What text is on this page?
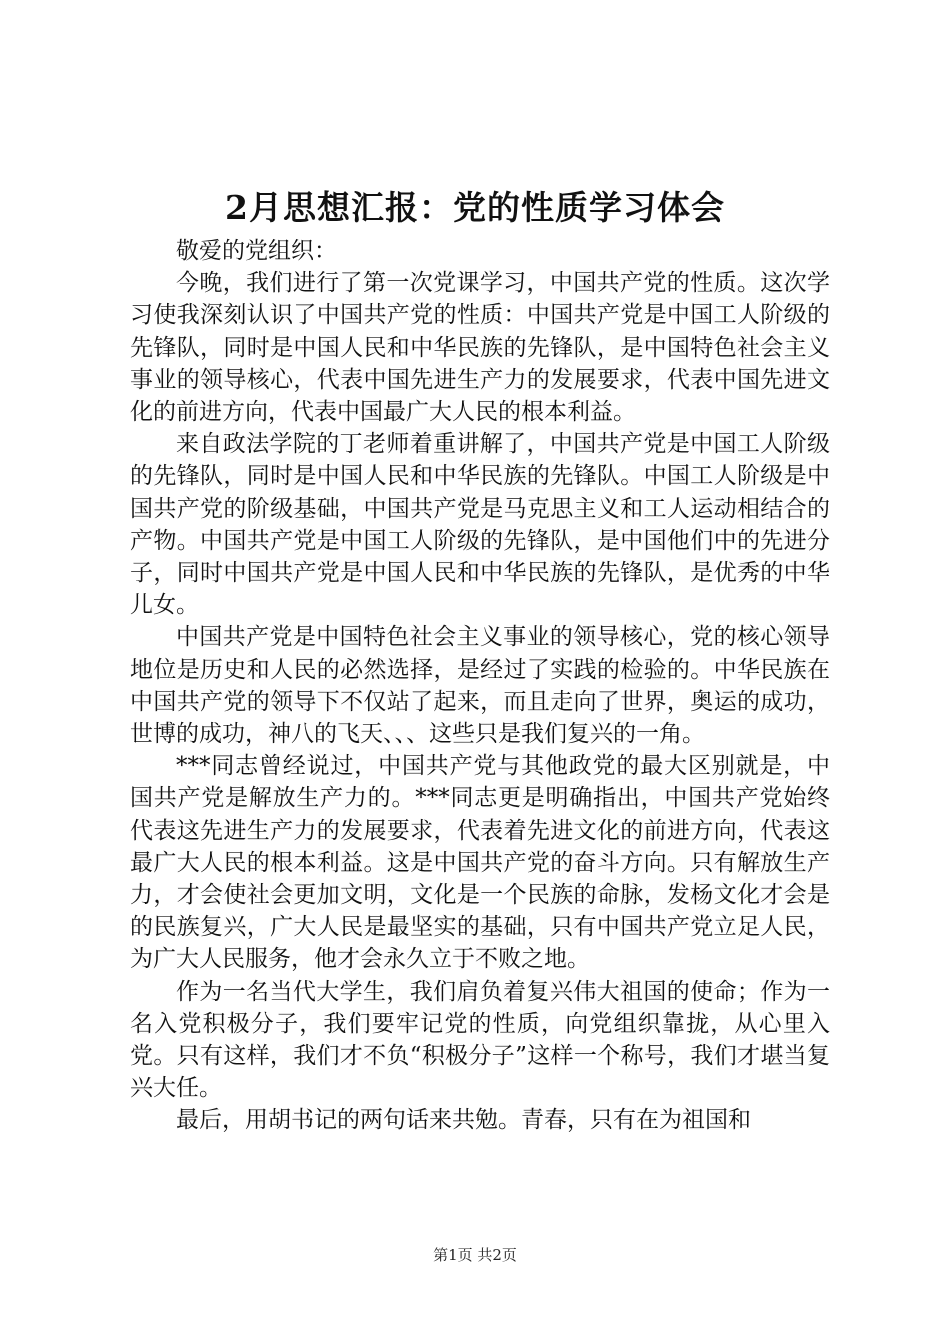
2月思想汇报：党的性质学习体会

敬爱的党组织：

今晚，我们进行了第一次党课学习，中国共产党的性质。这次学习使我深刻认识了中国共产党的性质：中国共产党是中国工人阶级的先锋队，同时是中国人民和中华民族的先锋队，是中国特色社会主义事业的领导核心，代表中国先进生产力的发展要求，代表中国先进文化的前进方向，代表中国最广大人民的根本利益。

来自政法学院的丁老师着重讲解了，中国共产党是中国工人阶级的先锋队，同时是中国人民和中华民族的先锋队。中国工人阶级是中国共产党的阶级基础，中国共产党是马克思主义和工人运动相结合的产物。中国共产党是中国工人阶级的先锋队，是中国他们中的先进分子，同时中国共产党是中国人民和中华民族的先锋队，是优秀的中华儿女。

中国共产党是中国特色社会主义事业的领导核心，党的核心领导地位是历史和人民的必然选择，是经过了实践的检验的。中华民族在中国共产党的领导下不仅站了起来，而且走向了世界，奥运的成功，世博的成功，神八的飞天、、、这些只是我们复兴的一角。

***同志曾经说过，中国共产党与其他政党的最大区别就是，中国共产党是解放生产力的。***同志更是明确指出，中国共产党始终代表这先进生产力的发展要求，代表着先进文化的前进方向，代表这最广大人民的根本利益。这是中国共产党的奋斗方向。只有解放生产力，才会使社会更加文明，文化是一个民族的命脉，发杨文化才会是的民族复兴，广大人民是最坚实的基础，只有中国共产党立足人民，为广大人民服务，他才会永久立于不败之地。

作为一名当代大学生，我们肩负着复兴伟大祖国的使命；作为一名入党积极分子，我们要牢记党的性质，向党组织靠拢，从心里入党。只有这样，我们才不负“积极分子”这样一个称号，我们才堪当复兴大任。

最后，用胡书记的两句话来共勉。青春，只有在为祖国和

第1页 共2页
